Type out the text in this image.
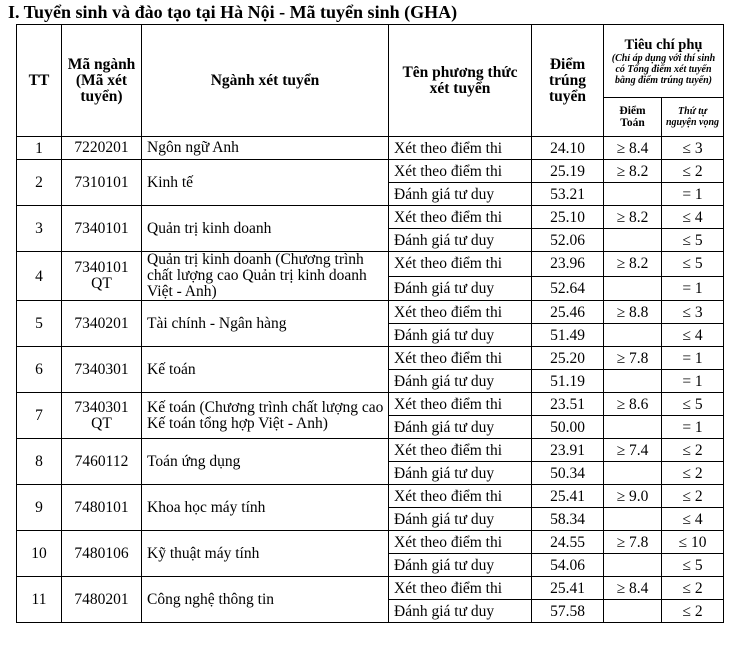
I. Tuyển sinh và đào tạo tại Hà Nội - Mã tuyển sinh (GHA)
TT	Mã ngành (Mã xét tuyển)	Ngành xét tuyển	Tên phương thức xét tuyển	Điểm trúng tuyển	Tiêu chí phụ
(Chỉ áp dụng với thí sinh có Tổng điểm xét tuyển bằng điểm trúng tuyển)	

					Điểm Toán	Thứ tự nguyện vọng
1	7220201	Ngôn ngữ Anh	Xét theo điểm thi	24.10	≥ 8.4	≤ 3
2	7310101	Kinh tế	Xét theo điểm thi	25.19	≥ 8.2	≤ 2
			Đánh giá tư duy	53.21		= 1
3	7340101	Quản trị kinh doanh	Xét theo điểm thi	25.10	≥ 8.2	≤ 4
			Đánh giá tư duy	52.06		≤ 5
4	7340101 QT	Quản trị kinh doanh (Chương trình chất lượng cao Quản trị kinh doanh Việt - Anh)	Xét theo điểm thi	23.96	≥ 8.2	≤ 5
			Đánh giá tư duy	52.64		= 1
5	7340201	Tài chính - Ngân hàng	Xét theo điểm thi	25.46	≥ 8.8	≤ 3
			Đánh giá tư duy	51.49		≤ 4
6	7340301	Kế toán	Xét theo điểm thi	25.20	≥ 7.8	= 1
			Đánh giá tư duy	51.19		= 1
7	7340301 QT	Kế toán (Chương trình chất lượng cao Kế toán tổng hợp Việt - Anh)	Xét theo điểm thi	23.51	≥ 8.6	≤ 5
			Đánh giá tư duy	50.00		= 1
8	7460112	Toán ứng dụng	Xét theo điểm thi	23.91	≥ 7.4	≤ 2
			Đánh giá tư duy	50.34		≤ 2
9	7480101	Khoa học máy tính	Xét theo điểm thi	25.41	≥ 9.0	≤ 2
			Đánh giá tư duy	58.34		≤ 4
10	7480106	Kỹ thuật máy tính	Xét theo điểm thi	24.55	≥ 7.8	≤ 10
			Đánh giá tư duy	54.06		≤ 5
11	7480201	Công nghệ thông tin	Xét theo điểm thi	25.41	≥ 8.4	≤ 2
			Đánh giá tư duy	57.58		≤ 2
